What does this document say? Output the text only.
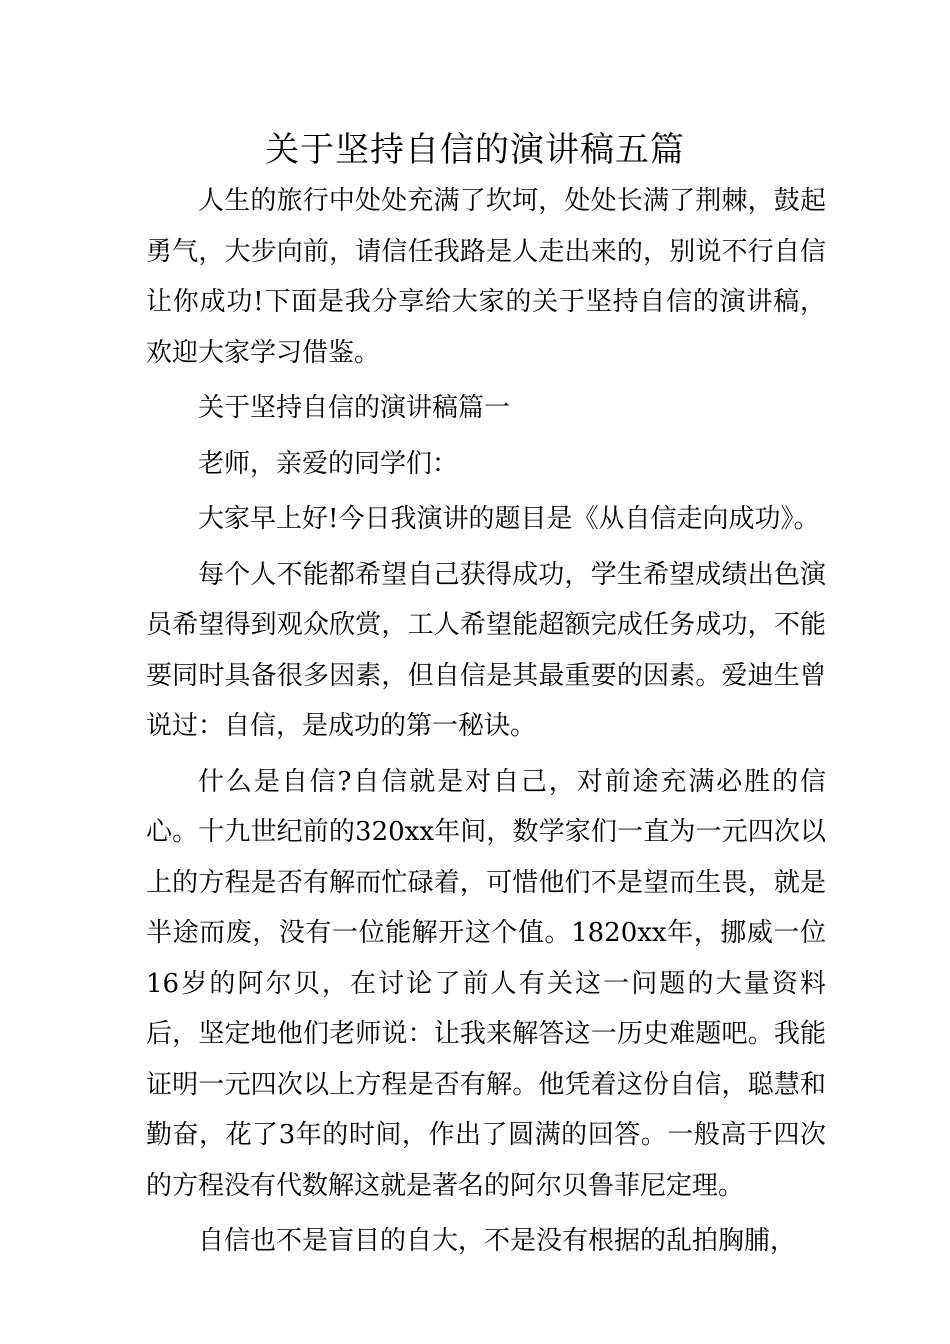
关于坚持自信的演讲稿五篇

人生的旅行中处处充满了坎坷，处处长满了荆棘，鼓起勇气，大步向前，请信任我路是人走出来的，别说不行自信让你成功!下面是我分享给大家的关于坚持自信的演讲稿，欢迎大家学习借鉴。

关于坚持自信的演讲稿篇一

老师，亲爱的同学们：

大家早上好!今日我演讲的题目是《从自信走向成功》。

每个人不能都希望自己获得成功，学生希望成绩出色演员希望得到观众欣赏，工人希望能超额完成任务成功，不能要同时具备很多因素，但自信是其最重要的因素。爱迪生曾说过：自信，是成功的第一秘诀。

什么是自信?自信就是对自己，对前途充满必胜的信心。十九世纪前的320xx年间，数学家们一直为一元四次以上的方程是否有解而忙碌着，可惜他们不是望而生畏，就是半途而废，没有一位能解开这个值。1820xx年，挪威一位16岁的阿尔贝，在讨论了前人有关这一问题的大量资料后，坚定地他们老师说：让我来解答这一历史难题吧。我能证明一元四次以上方程是否有解。他凭着这份自信，聪慧和勤奋，花了3年的时间，作出了圆满的回答。一般高于四次的方程没有代数解这就是著名的阿尔贝鲁菲尼定理。

自信也不是盲目的自大，不是没有根据的乱拍胸脯，
